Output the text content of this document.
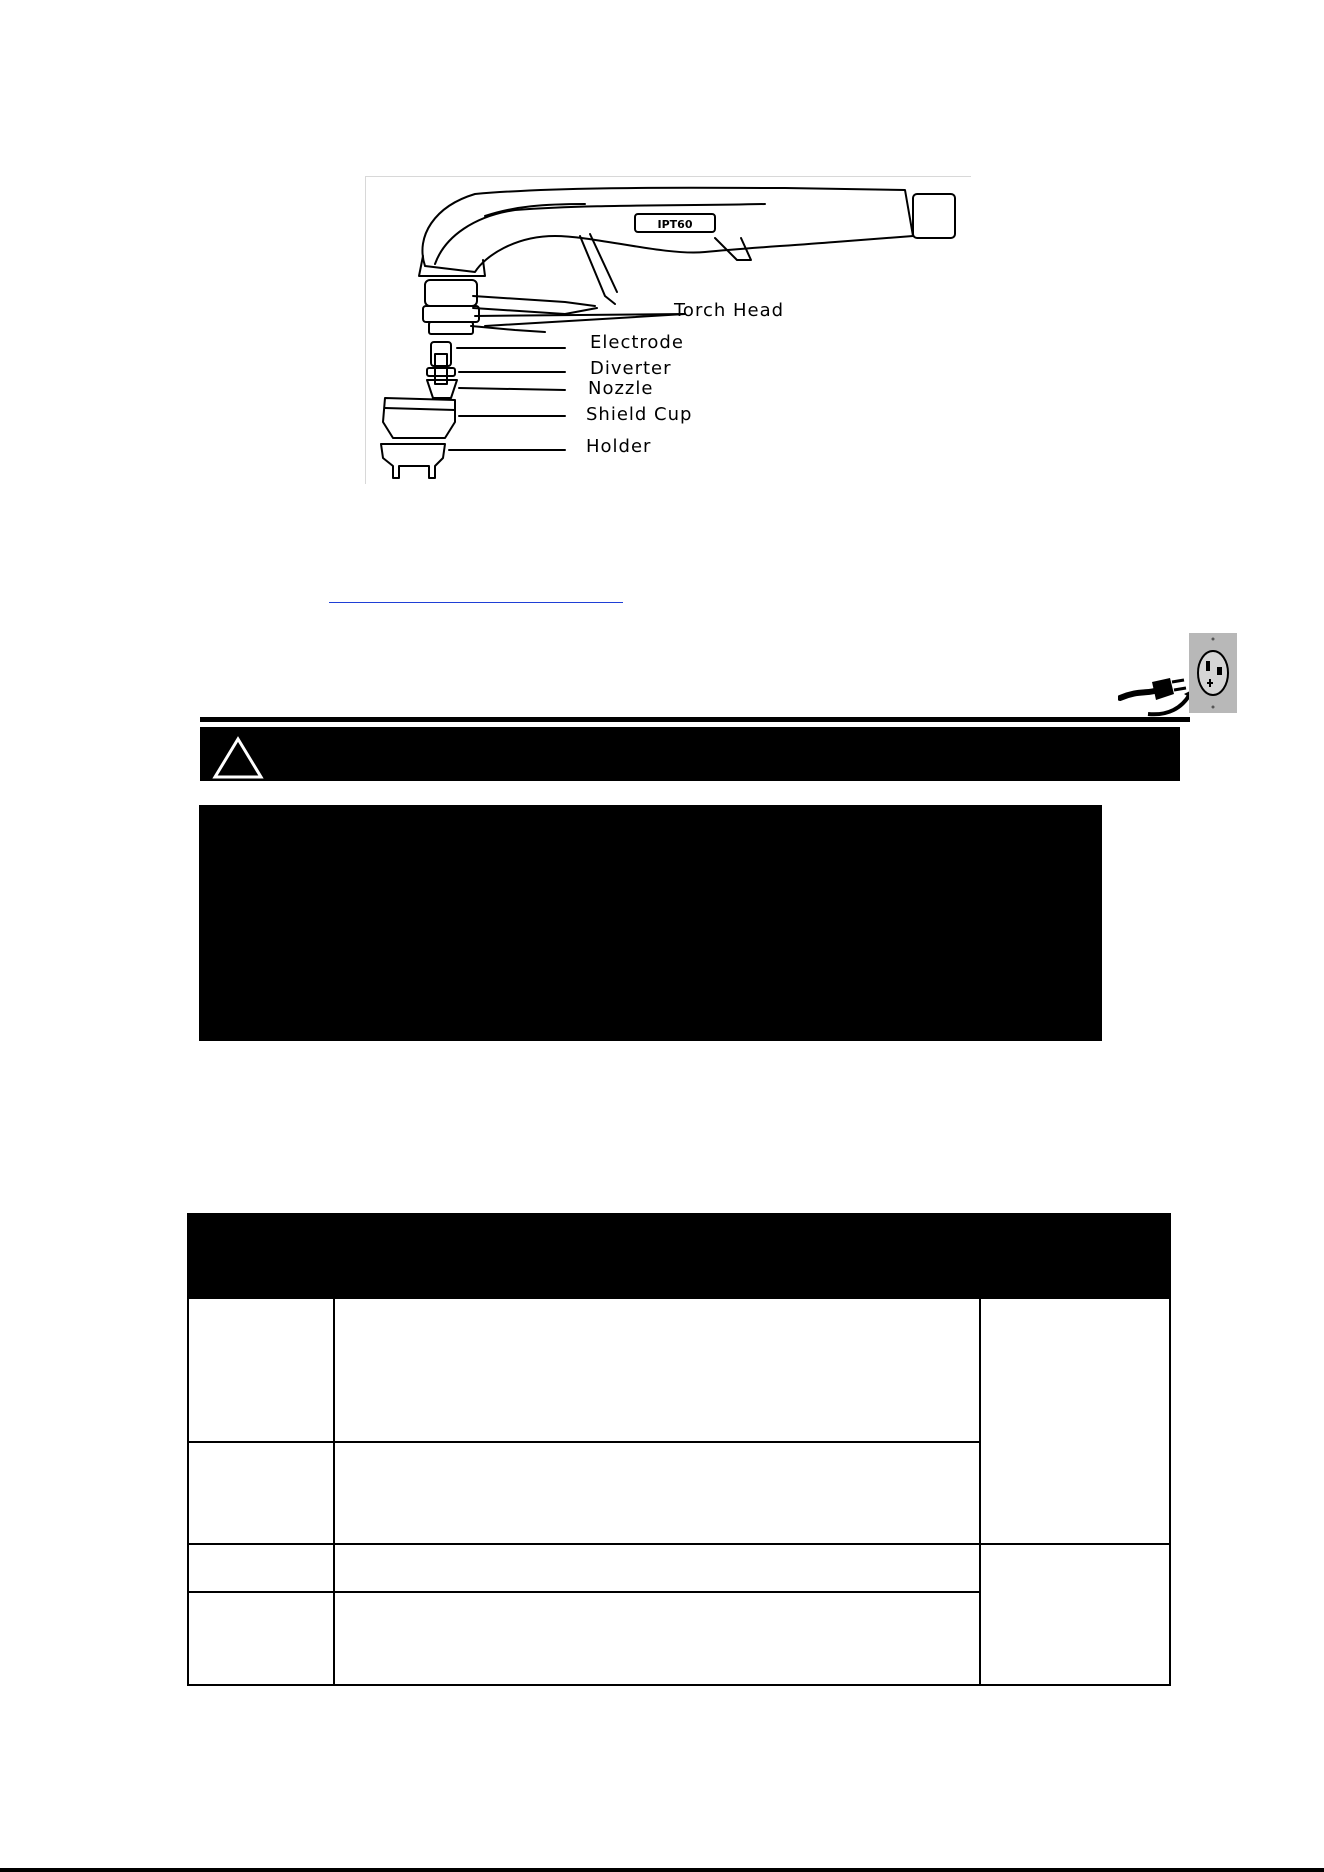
IPT60
Torch Head
Electrode
Diverter
Nozzle
Shield Cup
Holder
